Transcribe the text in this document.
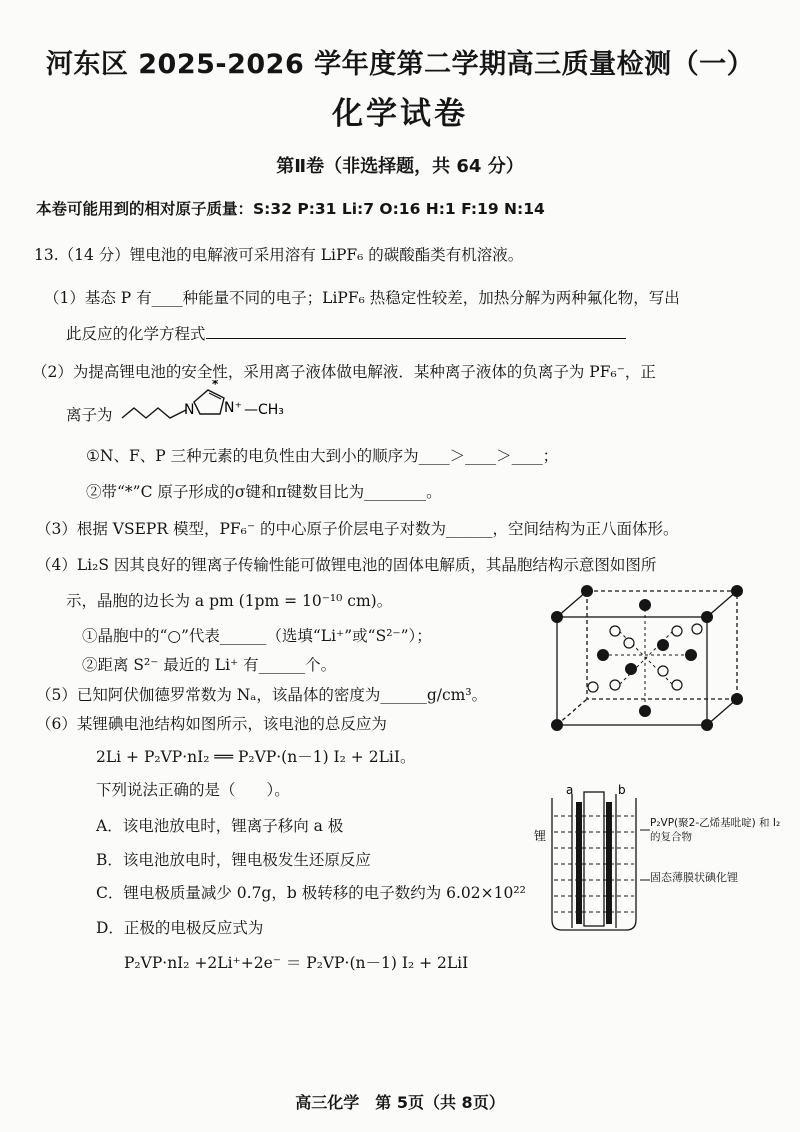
河东区 2025-2026 学年度第二学期高三质量检测（一）
化学试卷
第Ⅱ卷（非选择题，共 64 分）
本卷可能用到的相对原子质量：S:32 P:31 Li:7 O:16 H:1 F:19 N:14
13.（14 分）锂电池的电解液可采用溶有 LiPF₆ 的碳酸酯类有机溶液。
（1）基态 P 有____种能量不同的电子；LiPF₆ 热稳定性较差，加热分解为两种氟化物，写出
此反应的化学方程式
（2）为提高锂电池的安全性，采用离子液体做电解液．某种离子液体的负离子为 PF₆⁻，正
离子为	N N⁺ —CH₃
*
①N、F、P 三种元素的电负性由大到小的顺序为____＞____＞____；
②带“*”C 原子形成的σ键和π键数目比为________。
（3）根据 VSEPR 模型，PF₆⁻ 的中心原子价层电子对数为______，空间结构为正八面体形。
（4）Li₂S 因其良好的锂离子传输性能可做锂电池的固体电解质，其晶胞结构示意图如图所
示，晶胞的边长为 a pm (1pm = 10⁻¹⁰ cm)。
①晶胞中的“○”代表______（选填“Li⁺”或“S²⁻”）；
②距离 S²⁻ 最近的 Li⁺ 有______个。
（5）已知阿伏伽德罗常数为 Nₐ，该晶体的密度为______g/cm³。
（6）某锂碘电池结构如图所示，该电池的总反应为
2Li + P₂VP·nI₂ ══ P₂VP·(n－1) I₂ + 2LiI。
下列说法正确的是（　　）。
A．该电池放电时，锂离子移向 a 极
B．该电池放电时，锂电极发生还原反应
C．锂电极质量减少 0.7g，b 极转移的电子数约为 6.02×10²²
D．正极的电极反应式为
P₂VP·nI₂ +2Li⁺+2e⁻ ＝ P₂VP·(n－1) I₂ + 2LiI
a	b
锂
P₂VP(聚2-乙烯基吡啶) 和 I₂ 的复合物
固态薄膜状碘化锂
高三化学　第 5页（共 8页）
